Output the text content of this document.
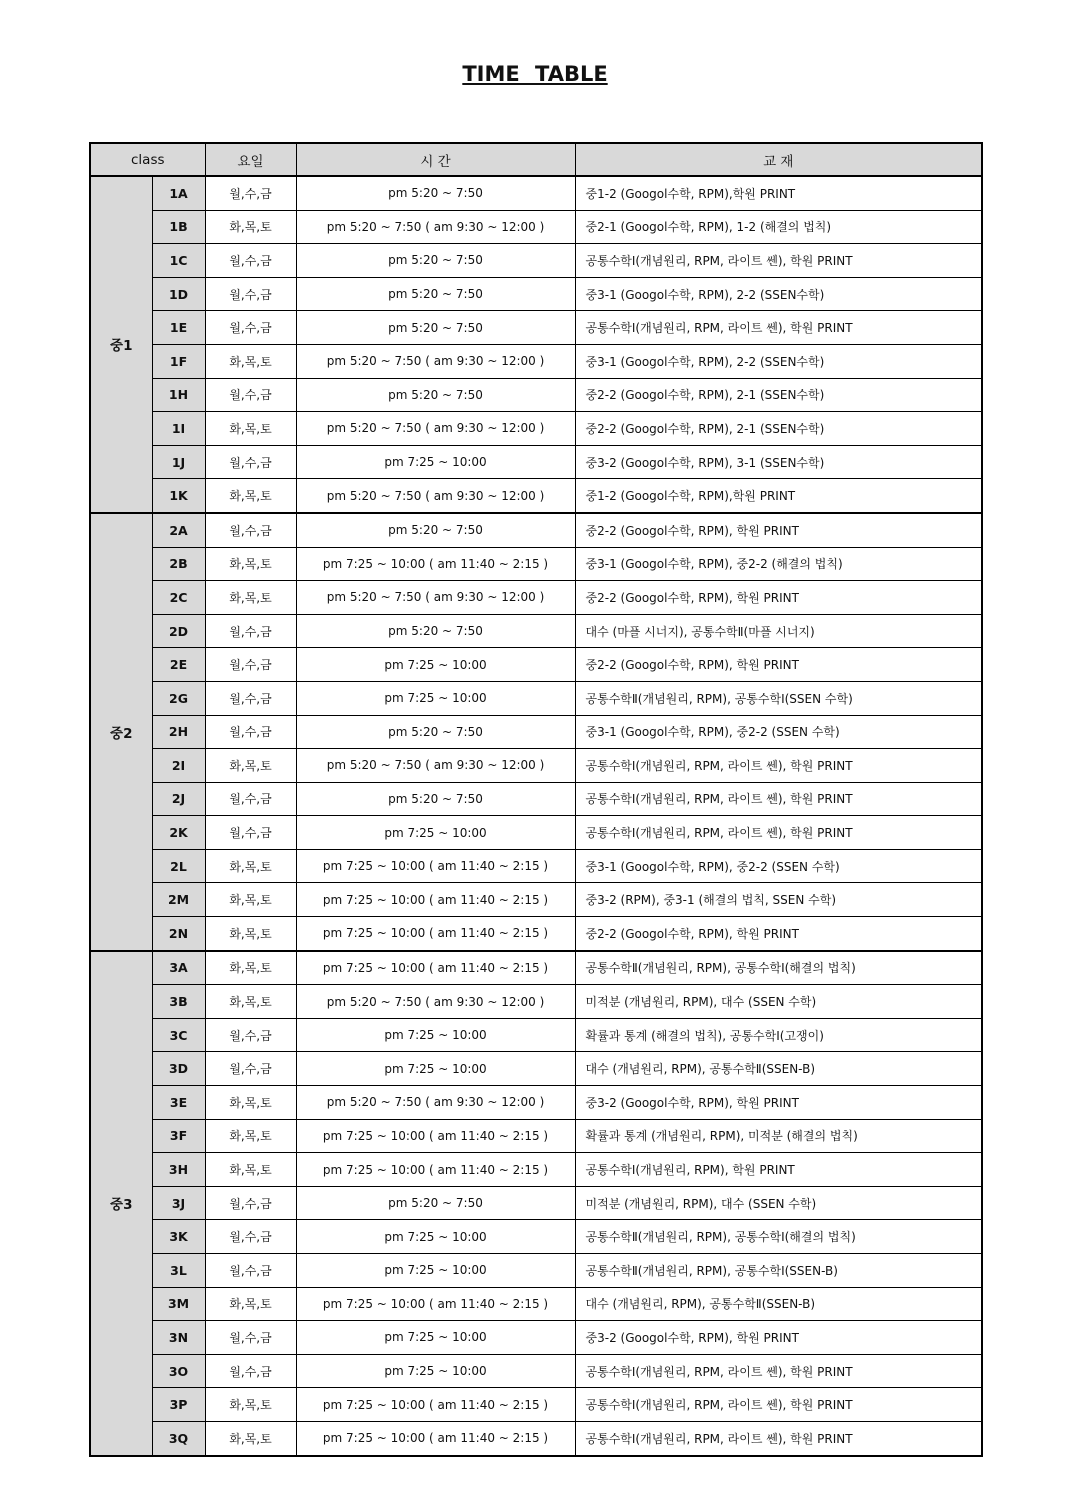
TIME TABLE
class		요일	시 간	교 재
중1	1A	월,수,금	pm 5:20 ~ 7:50	중1-2 (Googol수학, RPM),학원 PRINT
	1B	화,목,토	pm 5:20 ~ 7:50 ( am 9:30 ~ 12:00 )	중2-1 (Googol수학, RPM), 1-2 (해결의 법칙)
	1C	월,수,금	pm 5:20 ~ 7:50	공통수학Ⅰ(개념원리, RPM, 라이트 쎈), 학원 PRINT
	1D	월,수,금	pm 5:20 ~ 7:50	중3-1 (Googol수학, RPM), 2-2 (SSEN수학)
	1E	월,수,금	pm 5:20 ~ 7:50	공통수학Ⅰ(개념원리, RPM, 라이트 쎈), 학원 PRINT
	1F	화,목,토	pm 5:20 ~ 7:50 ( am 9:30 ~ 12:00 )	중3-1 (Googol수학, RPM), 2-2 (SSEN수학)
	1H	월,수,금	pm 5:20 ~ 7:50	중2-2 (Googol수학, RPM), 2-1 (SSEN수학)
	1I	화,목,토	pm 5:20 ~ 7:50 ( am 9:30 ~ 12:00 )	중2-2 (Googol수학, RPM), 2-1 (SSEN수학)
	1J	월,수,금	pm 7:25 ~ 10:00	중3-2 (Googol수학, RPM), 3-1 (SSEN수학)
	1K	화,목,토	pm 5:20 ~ 7:50 ( am 9:30 ~ 12:00 )	중1-2 (Googol수학, RPM),학원 PRINT
중2	2A	월,수,금	pm 5:20 ~ 7:50	중2-2 (Googol수학, RPM), 학원 PRINT
	2B	화,목,토	pm 7:25 ~ 10:00 ( am 11:40 ~ 2:15 )	중3-1 (Googol수학, RPM), 중2-2 (해결의 법칙)
	2C	화,목,토	pm 5:20 ~ 7:50 ( am 9:30 ~ 12:00 )	중2-2 (Googol수학, RPM), 학원 PRINT
	2D	월,수,금	pm 5:20 ~ 7:50	대수 (마플 시너지), 공통수학Ⅱ(마플 시너지)
	2E	월,수,금	pm 7:25 ~ 10:00	중2-2 (Googol수학, RPM), 학원 PRINT
	2G	월,수,금	pm 7:25 ~ 10:00	공통수학Ⅱ(개념원리, RPM), 공통수학Ⅰ(SSEN 수학)
	2H	월,수,금	pm 5:20 ~ 7:50	중3-1 (Googol수학, RPM), 중2-2 (SSEN 수학)
	2I	화,목,토	pm 5:20 ~ 7:50 ( am 9:30 ~ 12:00 )	공통수학Ⅰ(개념원리, RPM, 라이트 쎈), 학원 PRINT
	2J	월,수,금	pm 5:20 ~ 7:50	공통수학Ⅰ(개념원리, RPM, 라이트 쎈), 학원 PRINT
	2K	월,수,금	pm 7:25 ~ 10:00	공통수학Ⅰ(개념원리, RPM, 라이트 쎈), 학원 PRINT
	2L	화,목,토	pm 7:25 ~ 10:00 ( am 11:40 ~ 2:15 )	중3-1 (Googol수학, RPM), 중2-2 (SSEN 수학)
	2M	화,목,토	pm 7:25 ~ 10:00 ( am 11:40 ~ 2:15 )	중3-2 (RPM), 중3-1 (해결의 법칙, SSEN 수학)
	2N	화,목,토	pm 7:25 ~ 10:00 ( am 11:40 ~ 2:15 )	중2-2 (Googol수학, RPM), 학원 PRINT
중3	3A	화,목,토	pm 7:25 ~ 10:00 ( am 11:40 ~ 2:15 )	공통수학Ⅱ(개념원리, RPM), 공통수학Ⅰ(해결의 법칙)
	3B	화,목,토	pm 5:20 ~ 7:50 ( am 9:30 ~ 12:00 )	미적분 (개념원리, RPM), 대수 (SSEN 수학)
	3C	월,수,금	pm 7:25 ~ 10:00	확률과 통계 (해결의 법칙), 공통수학Ⅰ(고쟁이)
	3D	월,수,금	pm 7:25 ~ 10:00	대수 (개념원리, RPM), 공통수학Ⅱ(SSEN-B)
	3E	화,목,토	pm 5:20 ~ 7:50 ( am 9:30 ~ 12:00 )	중3-2 (Googol수학, RPM), 학원 PRINT
	3F	화,목,토	pm 7:25 ~ 10:00 ( am 11:40 ~ 2:15 )	확률과 통계 (개념원리, RPM), 미적분 (해결의 법칙)
	3H	화,목,토	pm 7:25 ~ 10:00 ( am 11:40 ~ 2:15 )	공통수학Ⅰ(개념원리, RPM), 학원 PRINT
	3J	월,수,금	pm 5:20 ~ 7:50	미적분 (개념원리, RPM), 대수 (SSEN 수학)
	3K	월,수,금	pm 7:25 ~ 10:00	공통수학Ⅱ(개념원리, RPM), 공통수학Ⅰ(해결의 법칙)
	3L	월,수,금	pm 7:25 ~ 10:00	공통수학Ⅱ(개념원리, RPM), 공통수학Ⅰ(SSEN-B)
	3M	화,목,토	pm 7:25 ~ 10:00 ( am 11:40 ~ 2:15 )	대수 (개념원리, RPM), 공통수학Ⅱ(SSEN-B)
	3N	월,수,금	pm 7:25 ~ 10:00	중3-2 (Googol수학, RPM), 학원 PRINT
	3O	월,수,금	pm 7:25 ~ 10:00	공통수학Ⅰ(개념원리, RPM, 라이트 쎈), 학원 PRINT
	3P	화,목,토	pm 7:25 ~ 10:00 ( am 11:40 ~ 2:15 )	공통수학Ⅰ(개념원리, RPM, 라이트 쎈), 학원 PRINT
	3Q	화,목,토	pm 7:25 ~ 10:00 ( am 11:40 ~ 2:15 )	공통수학Ⅰ(개념원리, RPM, 라이트 쎈), 학원 PRINT
